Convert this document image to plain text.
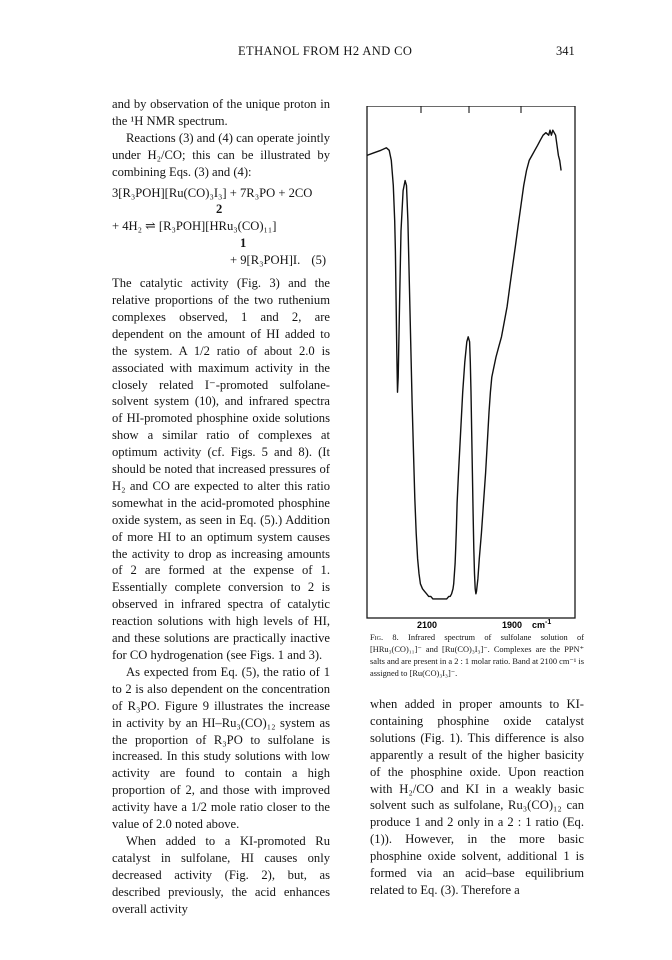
ETHANOL FROM H2 AND CO	341

and by observation of the unique proton in the ¹H NMR spectrum.

Reactions (3) and (4) can operate jointly under H₂/CO; this can be illustrated by combining Eqs. (3) and (4):

3[R₃POH][Ru(CO)₃I₃] + 7R₃PO + 2CO
2
+ 4H₂ ⇌ [R₃POH][HRu₃(CO)₁₁]
1
+ 9[R₃POH]I. (5)

The catalytic activity (Fig. 3) and the relative proportions of the two ruthenium complexes observed, 1 and 2, are dependent on the amount of HI added to the system. A 1/2 ratio of about 2.0 is associated with maximum activity in the closely related I⁻-promoted sulfolane-solvent system (10), and infrared spectra of HI-promoted phosphine oxide solutions show a similar ratio of complexes at optimum activity (cf. Figs. 5 and 8). (It should be noted that increased pressures of H₂ and CO are expected to alter this ratio somewhat in the acid-promoted phosphine oxide system, as seen in Eq. (5).) Addition of more HI to an optimum system causes the activity to drop as increasing amounts of 2 are formed at the expense of 1. Essentially complete conversion to 2 is observed in infrared spectra of catalytic reaction solutions with high levels of HI, and these solutions are practically inactive for CO hydrogenation (see Figs. 1 and 3).

As expected from Eq. (5), the ratio of 1 to 2 is also dependent on the concentration of R₃PO. Figure 9 illustrates the increase in activity by an HI–Ru₃(CO)₁₂ system as the proportion of R₃PO to sulfolane is increased. In this study solutions with low activity are found to contain a high proportion of 2, and those with improved activity have a 1/2 mole ratio closer to the value of 2.0 noted above.

When added to a KI-promoted Ru catalyst in sulfolane, HI causes only decreased activity (Fig. 2), but, as described previously, the acid enhances overall activity

2100	1900 $cm^{-1}$
Fig. 8. Infrared spectrum of sulfolane solution of [HRu₃(CO)₁₁]⁻ and [Ru(CO)₃I₃]⁻. Complexes are the PPN⁺ salts and are present in a 2 : 1 molar ratio. Band at 2100 cm⁻¹ is assigned to [Ru(CO)₃I₃]⁻.

when added in proper amounts to KI-containing phosphine oxide catalyst solutions (Fig. 1). This difference is also apparently a result of the higher basicity of the phosphine oxide. Upon reaction with H₂/CO and KI in a weakly basic solvent such as sulfolane, Ru₃(CO)₁₂ can produce 1 and 2 only in a 2 : 1 ratio (Eq. (1)). However, in the more basic phosphine oxide solvent, additional 1 is formed via an acid–base equilibrium related to Eq. (3). Therefore a
